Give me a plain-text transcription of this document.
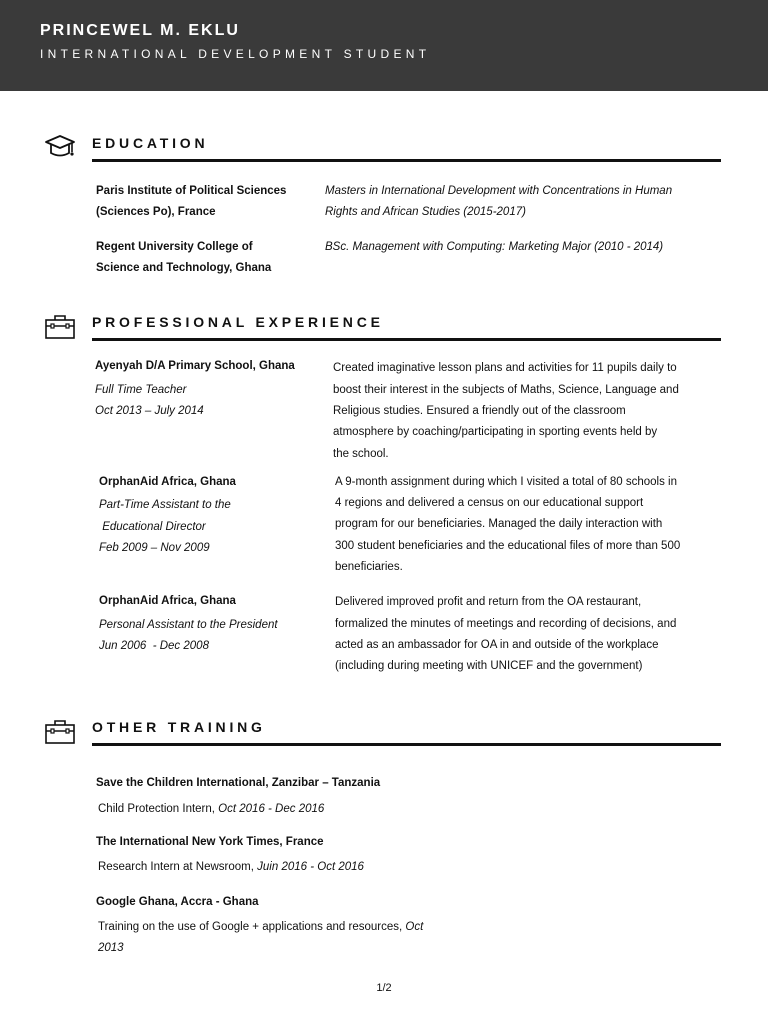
PRINCEWEL M. EKLU
INTERNATIONAL DEVELOPMENT STUDENT
EDUCATION
Paris Institute of Political Sciences
(Sciences Po), France
Masters in International Development with Concentrations in Human
Rights and African Studies (2015-2017)
Regent University College of
Science and Technology, Ghana
BSc. Management with Computing: Marketing Major (2010 - 2014)
PROFESSIONAL EXPERIENCE
Ayenyah D/A Primary School, Ghana
Full Time Teacher
Oct 2013 – July 2014
Created imaginative lesson plans and activities for 11 pupils daily to
boost their interest in the subjects of Maths, Science, Language and
Religious studies. Ensured a friendly out of the classroom
atmosphere by coaching/participating in sporting events held by
the school.
OrphanAid Africa, Ghana
Part-Time Assistant to the
Educational Director
Feb 2009 – Nov 2009
A 9-month assignment during which I visited a total of 80 schools in
4 regions and delivered a census on our educational support
program for our beneficiaries. Managed the daily interaction with
300 student beneficiaries and the educational files of more than 500
beneficiaries.
OrphanAid Africa, Ghana
Personal Assistant to the President
Jun 2006  - Dec 2008
Delivered improved profit and return from the OA restaurant,
formalized the minutes of meetings and recording of decisions, and
acted as an ambassador for OA in and outside of the workplace
(including during meeting with UNICEF and the government)
OTHER TRAINING
Save the Children International, Zanzibar – Tanzania
Child Protection Intern, Oct 2016 - Dec 2016
The International New York Times, France
Research Intern at Newsroom, Juin 2016 - Oct 2016
Google Ghana, Accra - Ghana
Training on the use of Google + applications and resources, Oct
2013
1/2
